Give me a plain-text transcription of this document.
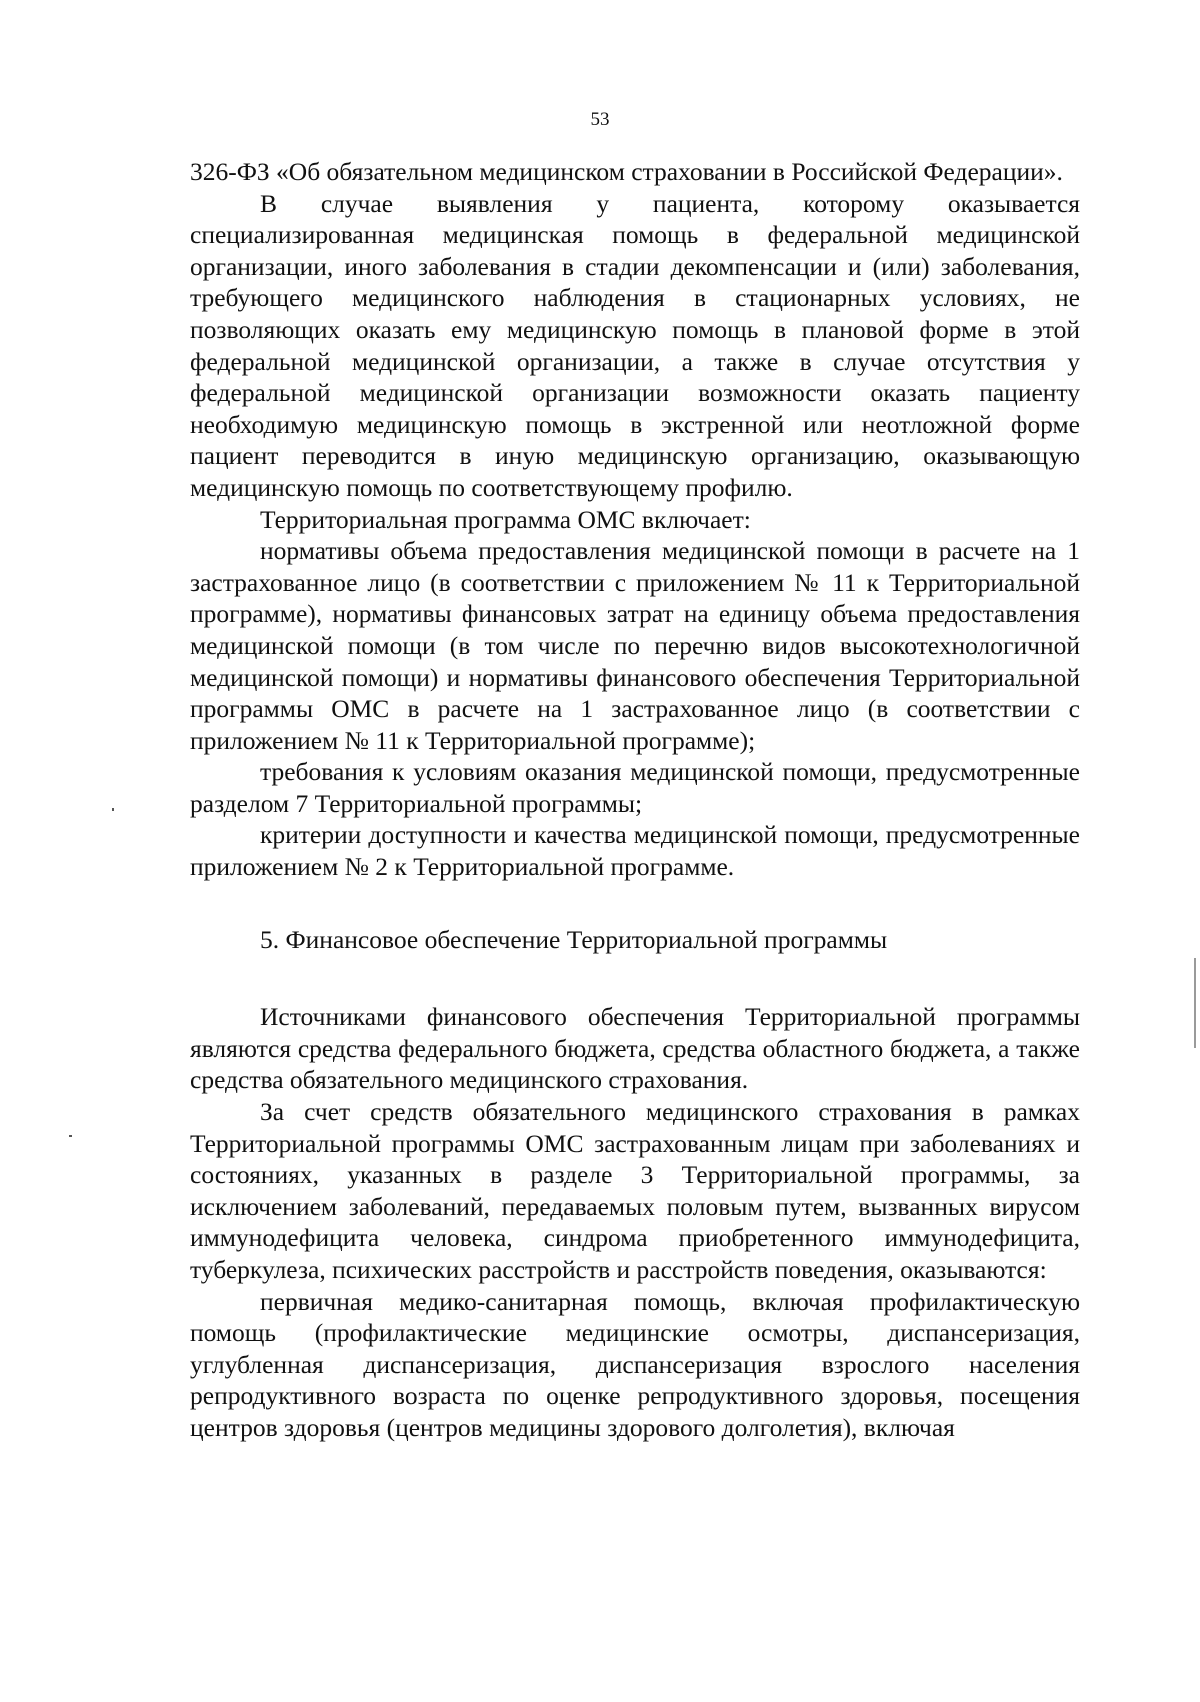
53

326-ФЗ «Об обязательном медицинском страховании в Российской Федерации».

В случае выявления у пациента, которому оказывается специализированная медицинская помощь в федеральной медицинской организации, иного заболевания в стадии декомпенсации и (или) заболевания, требующего медицинского наблюдения в стационарных условиях, не позволяющих оказать ему медицинскую помощь в плановой форме в этой федеральной медицинской организации, а также в случае отсутствия у федеральной медицинской организации возможности оказать пациенту необходимую медицинскую помощь в экстренной или неотложной форме пациент переводится в иную медицинскую организацию, оказывающую медицинскую помощь по соответствующему профилю.

Территориальная программа ОМС включает:

нормативы объема предоставления медицинской помощи в расчете на 1 застрахованное лицо (в соответствии с приложением № 11 к Территориальной программе), нормативы финансовых затрат на единицу объема предоставления медицинской помощи (в том числе по перечню видов высокотехнологичной медицинской помощи) и нормативы финансового обеспечения Территориальной программы ОМС в расчете на 1 застрахованное лицо (в соответствии с приложением № 11 к Территориальной программе);

требования к условиям оказания медицинской помощи, предусмотренные разделом 7 Территориальной программы;

критерии доступности и качества медицинской помощи, предусмотренные приложением № 2 к Территориальной программе.

5. Финансовое обеспечение Территориальной программы

Источниками финансового обеспечения Территориальной программы являются средства федерального бюджета, средства областного бюджета, а также средства обязательного медицинского страхования.

За счет средств обязательного медицинского страхования в рамках Территориальной программы ОМС застрахованным лицам при заболеваниях и состояниях, указанных в разделе 3 Территориальной программы, за исключением заболеваний, передаваемых половым путем, вызванных вирусом иммунодефицита человека, синдрома приобретенного иммунодефицита, туберкулеза, психических расстройств и расстройств поведения, оказываются:

первичная медико-санитарная помощь, включая профилактическую помощь (профилактические медицинские осмотры, диспансеризация, углубленная диспансеризация, диспансеризация взрослого населения репродуктивного возраста по оценке репродуктивного здоровья, посещения центров здоровья (центров медицины здорового долголетия), включая
